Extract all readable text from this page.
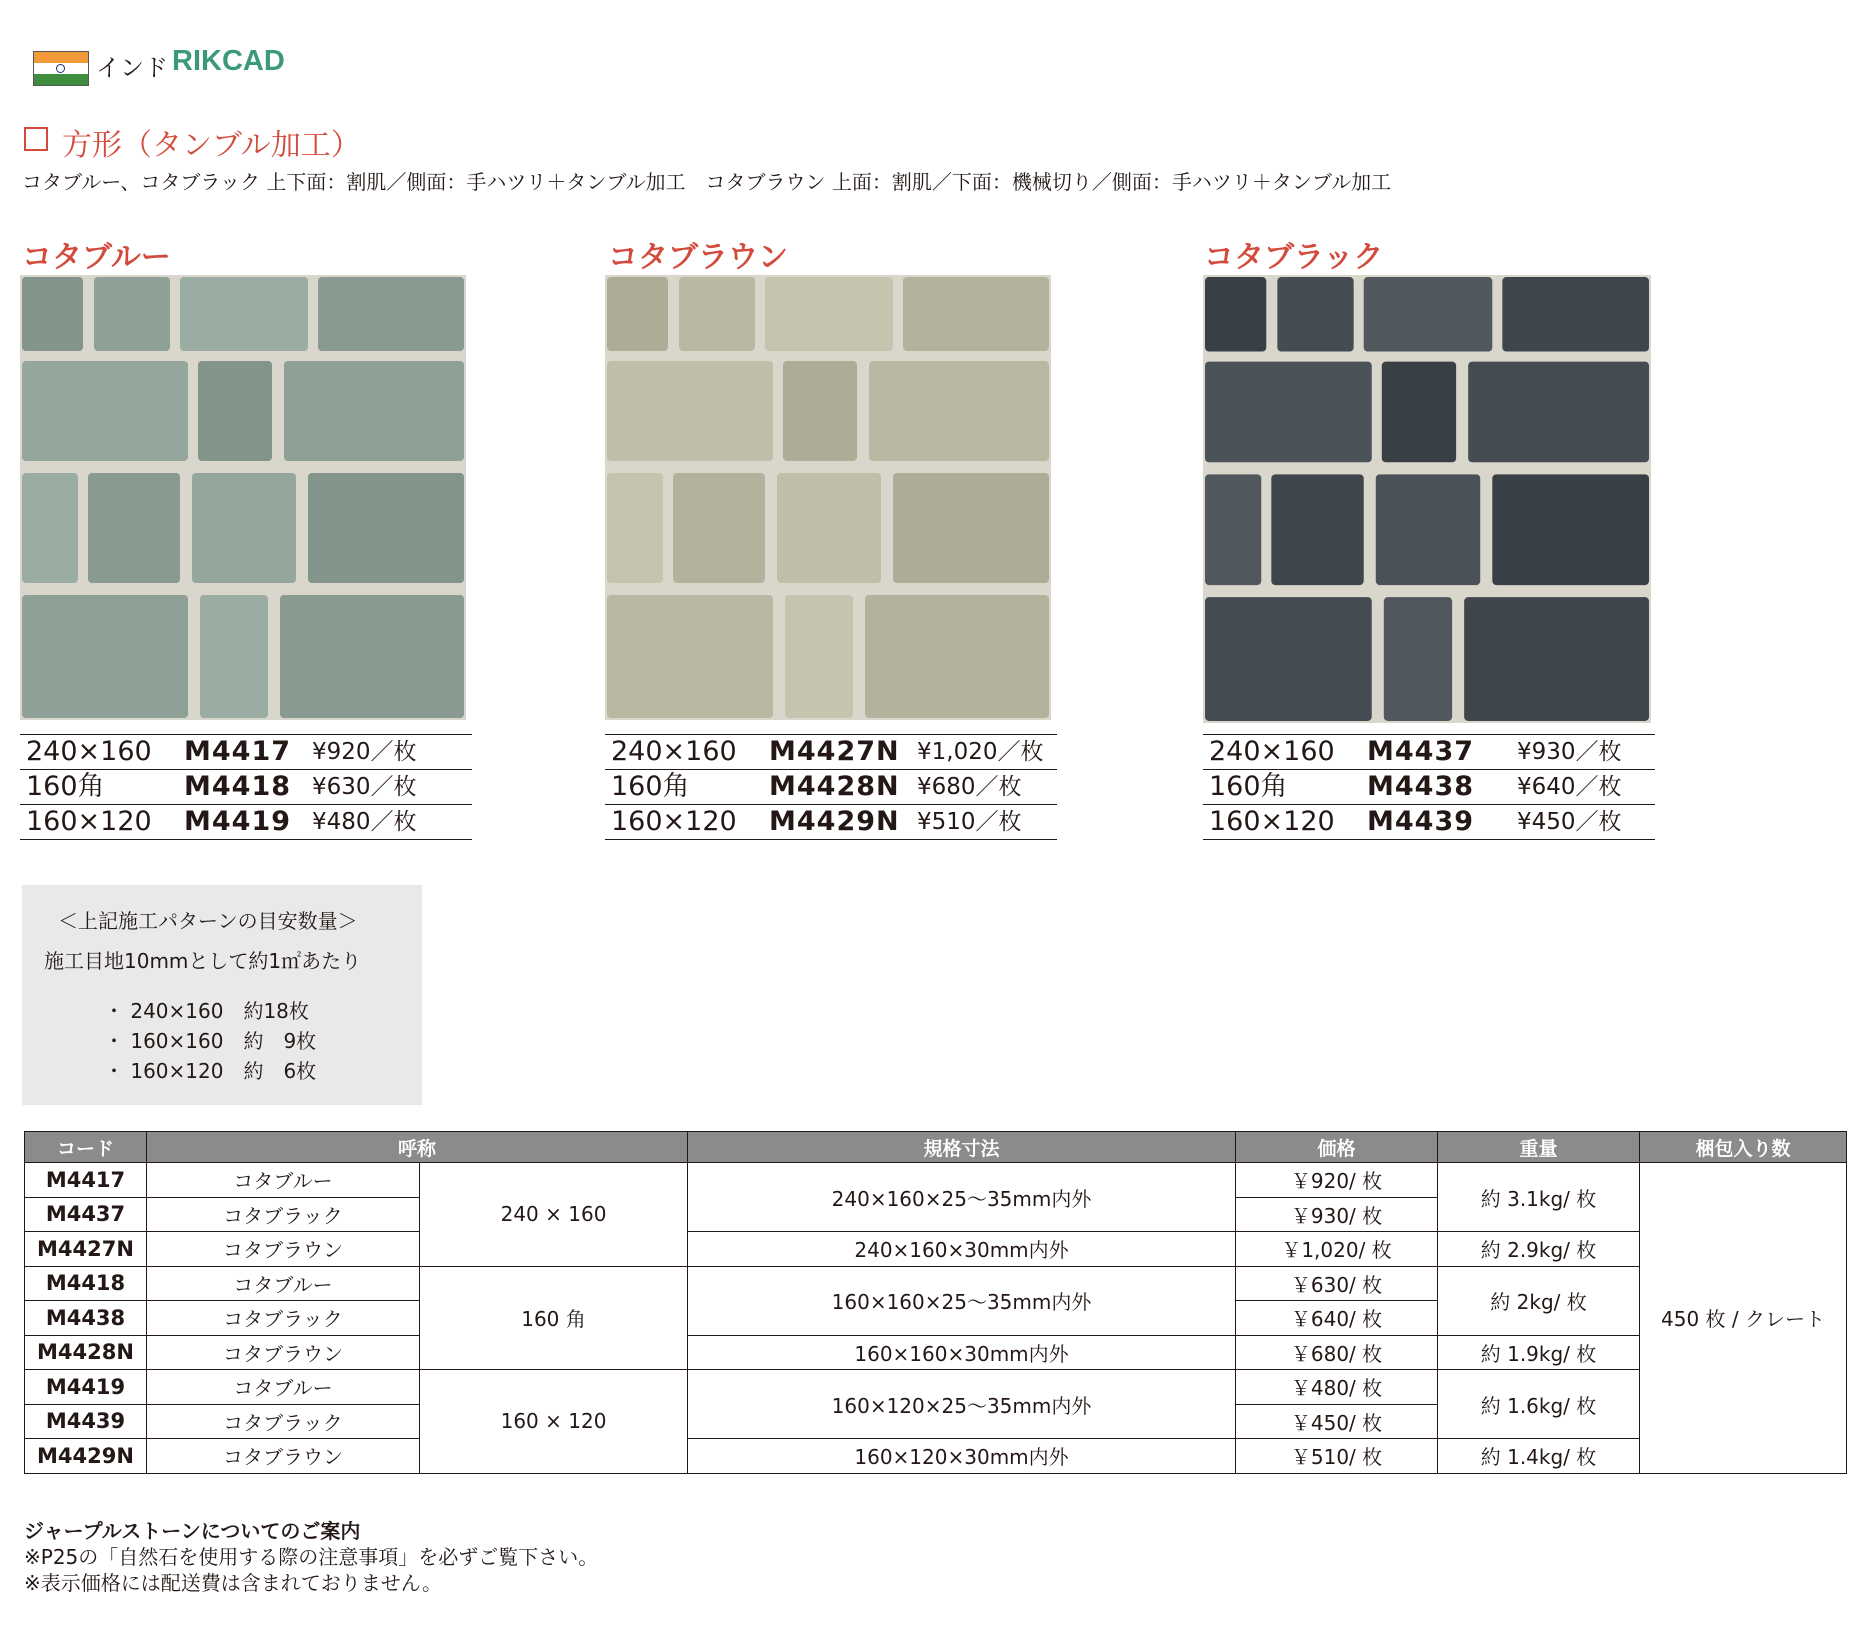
インド RIKCAD
方形（タンブル加工）
コタブルー、コタブラック 上下面：割肌／側面：手ハツリ＋タンブル加工　コタブラウン 上面：割肌／下面：機械切り／側面：手ハツリ＋タンブル加工
コタブルー
240×160	M4417	¥920／枚
160角	M4418	¥630／枚
160×120	M4419	¥480／枚
コタブラウン
240×160	M4427N	¥1,020／枚
160角	M4428N	¥680／枚
160×120	M4429N	¥510／枚
コタブラック
240×160	M4437	¥930／枚
160角	M4438	¥640／枚
160×120	M4439	¥450／枚
＜上記施工パターンの目安数量＞
施工目地10mmとして約1㎡あたり
・ 240×160　約18枚
・ 160×160　約　9枚
・ 160×120　約　6枚
コード	呼称		規格寸法	価格	重量	梱包入り数
M4417	コタブルー	240 × 160	240×160×25～35mm内外	￥920/ 枚	約 3.1kg/ 枚	450 枚 / クレート
M4437	コタブラック			￥930/ 枚		
M4427N	コタブラウン		240×160×30mm内外	￥1,020/ 枚	約 2.9kg/ 枚	
M4418	コタブルー	160 角	160×160×25～35mm内外	￥630/ 枚	約 2kg/ 枚	
M4438	コタブラック			￥640/ 枚		
M4428N	コタブラウン		160×160×30mm内外	￥680/ 枚	約 1.9kg/ 枚	
M4419	コタブルー	160 × 120	160×120×25～35mm内外	￥480/ 枚	約 1.6kg/ 枚	
M4439	コタブラック			￥450/ 枚		
M4429N	コタブラウン		160×120×30mm内外	￥510/ 枚	約 1.4kg/ 枚	
ジャープルストーンについてのご案内
※P25の「自然石を使用する際の注意事項」を必ずご覧下さい。
※表示価格には配送費は含まれておりません。
